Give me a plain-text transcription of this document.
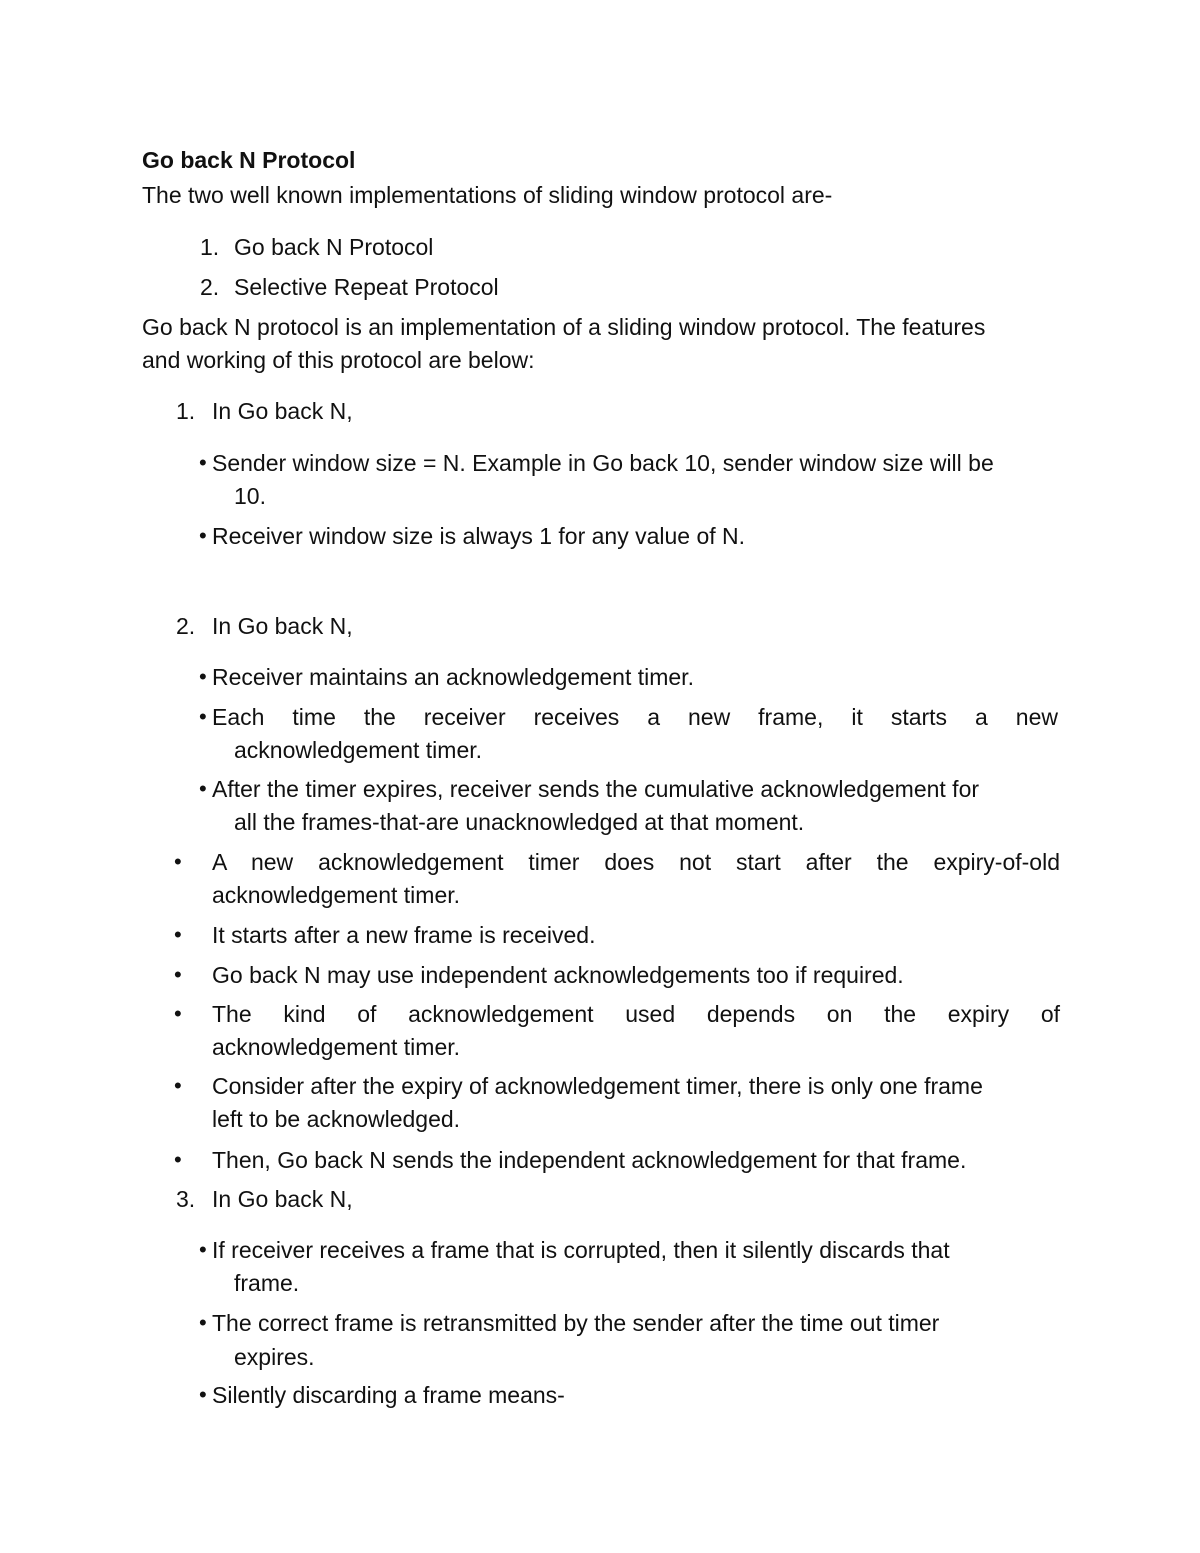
Go back N Protocol
The two well known implementations of sliding window protocol are-
1. Go back N Protocol
2. Selective Repeat Protocol
Go back N protocol is an implementation of a sliding window protocol. The features
and working of this protocol are below:
1. In Go back N,
• Sender window size = N. Example in Go back 10, sender window size will be
10.
• Receiver window size is always 1 for any value of N.
2. In Go back N,
• Receiver maintains an acknowledgement timer.
• Each time the receiver receives a new frame, it starts a new
acknowledgement timer.
• After the timer expires, receiver sends the cumulative acknowledgement for
all the frames-that-are unacknowledged at that moment.
• A new acknowledgement timer does not start after the expiry-of-old
acknowledgement timer.
• It starts after a new frame is received.
• Go back N may use independent acknowledgements too if required.
• The kind of acknowledgement used depends on the expiry of
acknowledgement timer.
• Consider after the expiry of acknowledgement timer, there is only one frame
left to be acknowledged.
• Then, Go back N sends the independent acknowledgement for that frame.
3. In Go back N,
• If receiver receives a frame that is corrupted, then it silently discards that
frame.
• The correct frame is retransmitted by the sender after the time out timer
expires.
• Silently discarding a frame means-
